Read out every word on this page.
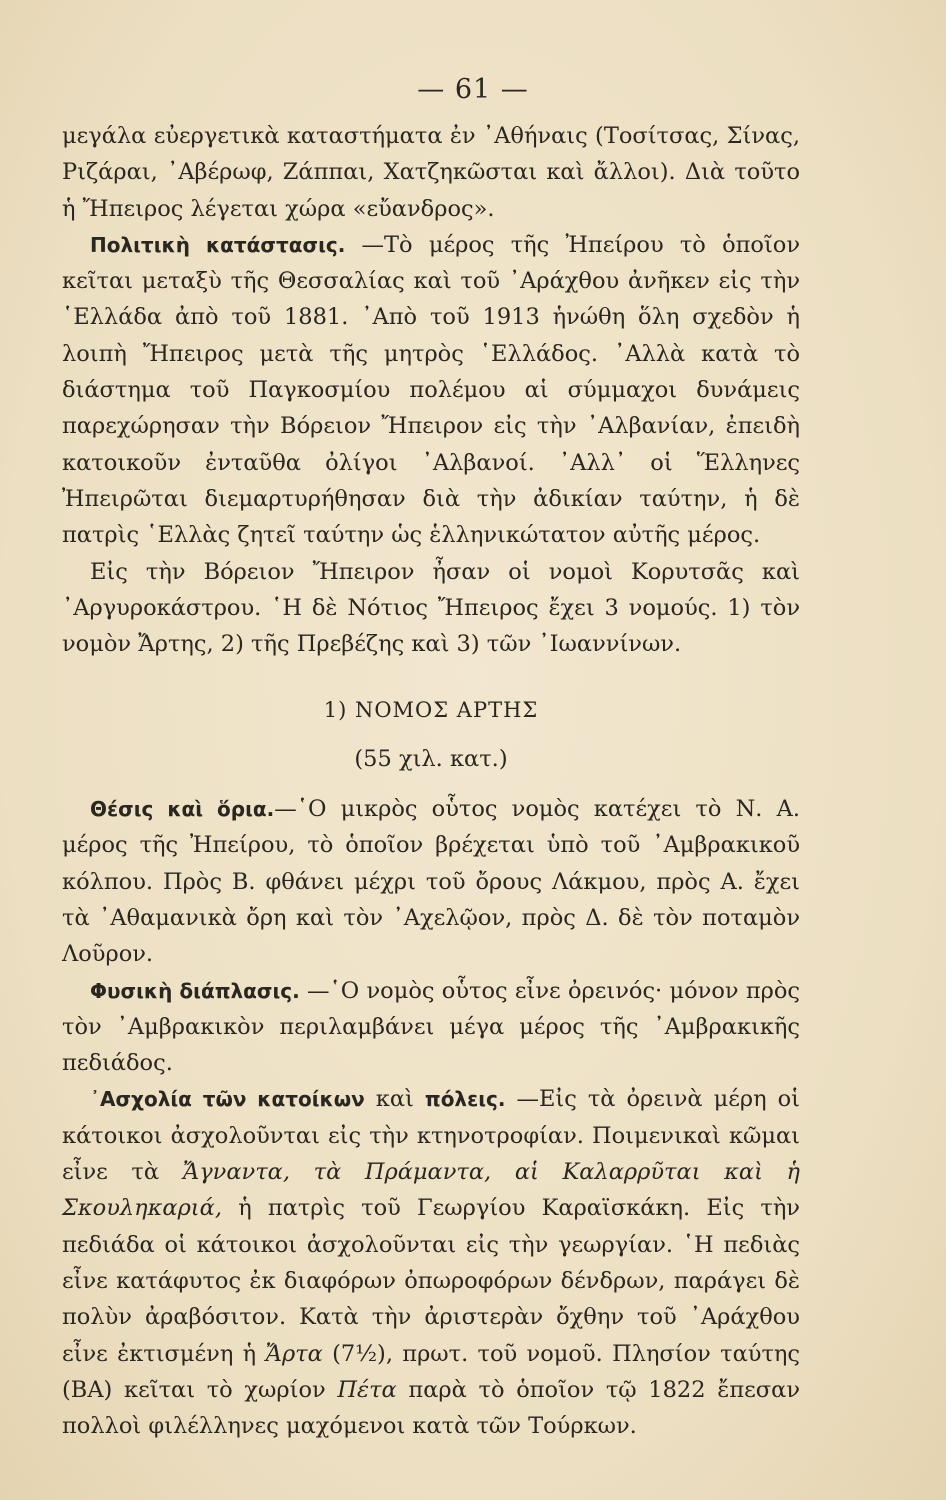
— 61 —

μεγάλα εὐεργετικὰ καταστήματα ἐν ᾿Αθήναις (Τοσίτσας, Σίνας, Ριζάραι, ᾿Αβέρωφ, Ζάππαι, Χατζηκῶσται καὶ ἄλλοι). Διὰ τοῦτο ἡ Ἤπειρος λέγεται χώρα «εὔανδρος».

Πολιτικὴ κατάστασις. —Τὸ μέρος τῆς Ἠπείρου τὸ ὁποῖον κεῖται μεταξὺ τῆς Θεσσαλίας καὶ τοῦ ᾿Αράχθου ἀνῆκεν εἰς τὴν ῾Ελλάδα ἀπὸ τοῦ 1881. ᾿Απὸ τοῦ 1913 ἡνώθη ὅλη σχεδὸν ἡ λοιπὴ Ἤπειρος μετὰ τῆς μητρὸς ῾Ελλάδος. ᾿Αλλὰ κατὰ τὸ διάστημα τοῦ Παγκοσμίου πολέμου αἱ σύμμαχοι δυνάμεις παρεχώρησαν τὴν Βόρειον Ἤπειρον εἰς τὴν ᾿Αλβανίαν, ἐπειδὴ κατοικοῦν ἐνταῦθα ὀλίγοι ᾿Αλβανοί. ᾿Αλλ᾿ οἱ Ἕλληνες Ἠπειρῶται διεμαρτυρήθησαν διὰ τὴν ἀδικίαν ταύτην, ἡ δὲ πατρὶς ῾Ελλὰς ζητεῖ ταύτην ὡς ἑλληνικώτατον αὐτῆς μέρος.

Εἰς τὴν Βόρειον Ἤπειρον ἦσαν οἱ νομοὶ Κορυτσᾶς καὶ ᾿Αργυροκάστρου. ῾Η δὲ Νότιος Ἤπειρος ἔχει 3 νομούς. 1) τὸν νομὸν Ἄρτης, 2) τῆς Πρεβέζης καὶ 3) τῶν ᾿Ιωαννίνων.

1) ΝΟΜΟΣ ΑΡΤΗΣ

(55 χιλ. κατ.)

Θέσις καὶ ὅρια.—῾Ο μικρὸς οὗτος νομὸς κατέχει τὸ Ν. Α. μέρος τῆς Ἠπείρου, τὸ ὁποῖον βρέχεται ὑπὸ τοῦ ᾿Αμβρακικοῦ κόλπου. Πρὸς Β. φθάνει μέχρι τοῦ ὄρους Λάκμου, πρὸς Α. ἔχει τὰ ᾿Αθαμανικὰ ὄρη καὶ τὸν ᾿Αχελῷον, πρὸς Δ. δὲ τὸν ποταμὸν Λοῦρον.

Φυσικὴ διάπλασις. —῾Ο νομὸς οὗτος εἶνε ὀρεινός· μόνον πρὸς τὸν ᾿Αμβρακικὸν περιλαμβάνει μέγα μέρος τῆς ᾿Αμβρακικῆς πεδιάδος.

᾿Ασχολία τῶν κατοίκων καὶ πόλεις. —Εἰς τὰ ὀρεινὰ μέρη οἱ κάτοικοι ἀσχολοῦνται εἰς τὴν κτηνοτροφίαν. Ποιμενικαὶ κῶμαι εἶνε τὰ Ἄγναντα, τὰ Πράμαντα, αἱ Καλαρρῦται καὶ ἡ Σκουληκαριά, ἡ πατρὶς τοῦ Γεωργίου Καραϊσκάκη. Εἰς τὴν πεδιάδα οἱ κάτοικοι ἀσχολοῦνται εἰς τὴν γεωργίαν. ῾Η πεδιὰς εἶνε κατάφυτος ἐκ διαφόρων ὀπωροφόρων δένδρων, παράγει δὲ πολὺν ἀραβόσιτον. Κατὰ τὴν ἀριστερὰν ὄχθην τοῦ ᾿Αράχθου εἶνε ἐκτισμένη ἡ Ἄρτα (7½), πρωτ. τοῦ νομοῦ. Πλησίον ταύτης (ΒΑ) κεῖται τὸ χωρίον Πέτα παρὰ τὸ ὁποῖον τῷ 1822 ἔπεσαν πολλοὶ φιλέλληνες μαχόμενοι κατὰ τῶν Τούρκων.
